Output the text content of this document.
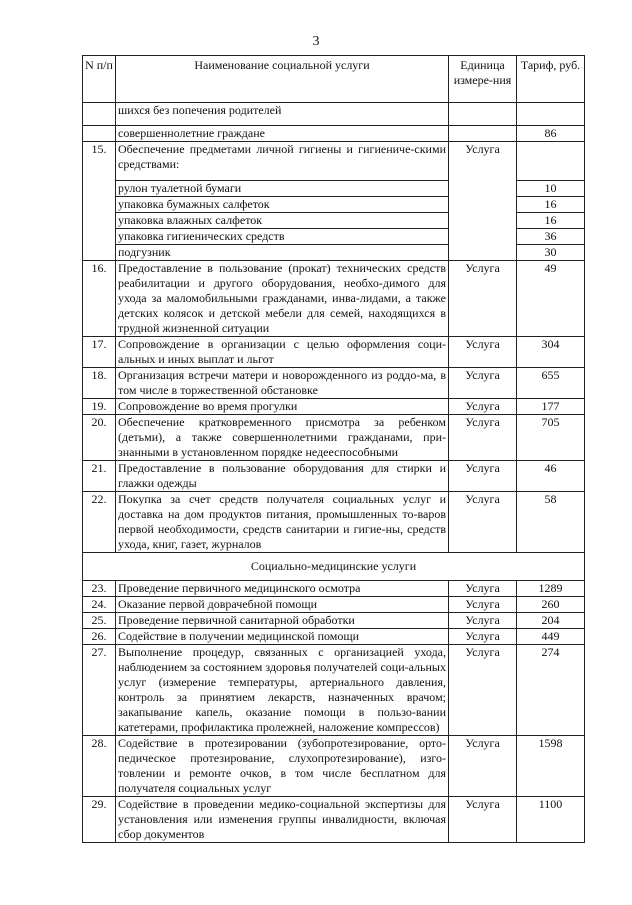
3
N п/п	Наименование социальной услуги	Единица измере-ния	Тариф, руб.
	шихся без попечения родителей		
	совершеннолетние граждане		86
15.	Обеспечение предметами личной гигиены и гигиениче-скими средствами:	Услуга	
	рулон туалетной бумаги		10
	упаковка бумажных салфеток		16
	упаковка влажных салфеток		16
	упаковка гигиенических средств		36
	подгузник		30
16.	Предоставление в пользование (прокат) технических средств реабилитации и другого оборудования, необхо-димого для ухода за маломобильными гражданами, инва-лидами, а также детских колясок и детской мебели для семей, находящихся в трудной жизненной ситуации	Услуга	49
17.	Сопровождение в организации с целью оформления соци-альных и иных выплат и льгот	Услуга	304
18.	Организация встречи матери и новорожденного из роддо-ма, в том числе в торжественной обстановке	Услуга	655
19.	Сопровождение во время прогулки	Услуга	177
20.	Обеспечение кратковременного присмотра за ребенком (детьми), а также совершеннолетними гражданами, при-знанными в установленном порядке недееспособными	Услуга	705
21.	Предоставление в пользование оборудования для стирки и глажки одежды	Услуга	46
22.	Покупка за счет средств получателя социальных услуг и доставка на дом продуктов питания, промышленных то-варов первой необходимости, средств санитарии и гигие-ны, средств ухода, книг, газет, журналов	Услуга	58
Социально-медицинские услуги			
23.	Проведение первичного медицинского осмотра	Услуга	1289
24.	Оказание первой доврачебной помощи	Услуга	260
25.	Проведение первичной санитарной обработки	Услуга	204
26.	Содействие в получении медицинской помощи	Услуга	449
27.	Выполнение процедур, связанных с организацией ухода, наблюдением за состоянием здоровья получателей соци-альных услуг (измерение температуры, артериального давления, контроль за принятием лекарств, назначенных врачом; закапывание капель, оказание помощи в пользо-вании катетерами, профилактика пролежней, наложение компрессов)	Услуга	274
28.	Содействие в протезировании (зубопротезирование, орто-педическое протезирование, слухопротезирование), изго-товлении и ремонте очков, в том числе бесплатном для получателя социальных услуг	Услуга	1598
29.	Содействие в проведении медико-социальной экспертизы для установления или изменения группы инвалидности, включая сбор документов	Услуга	1100
